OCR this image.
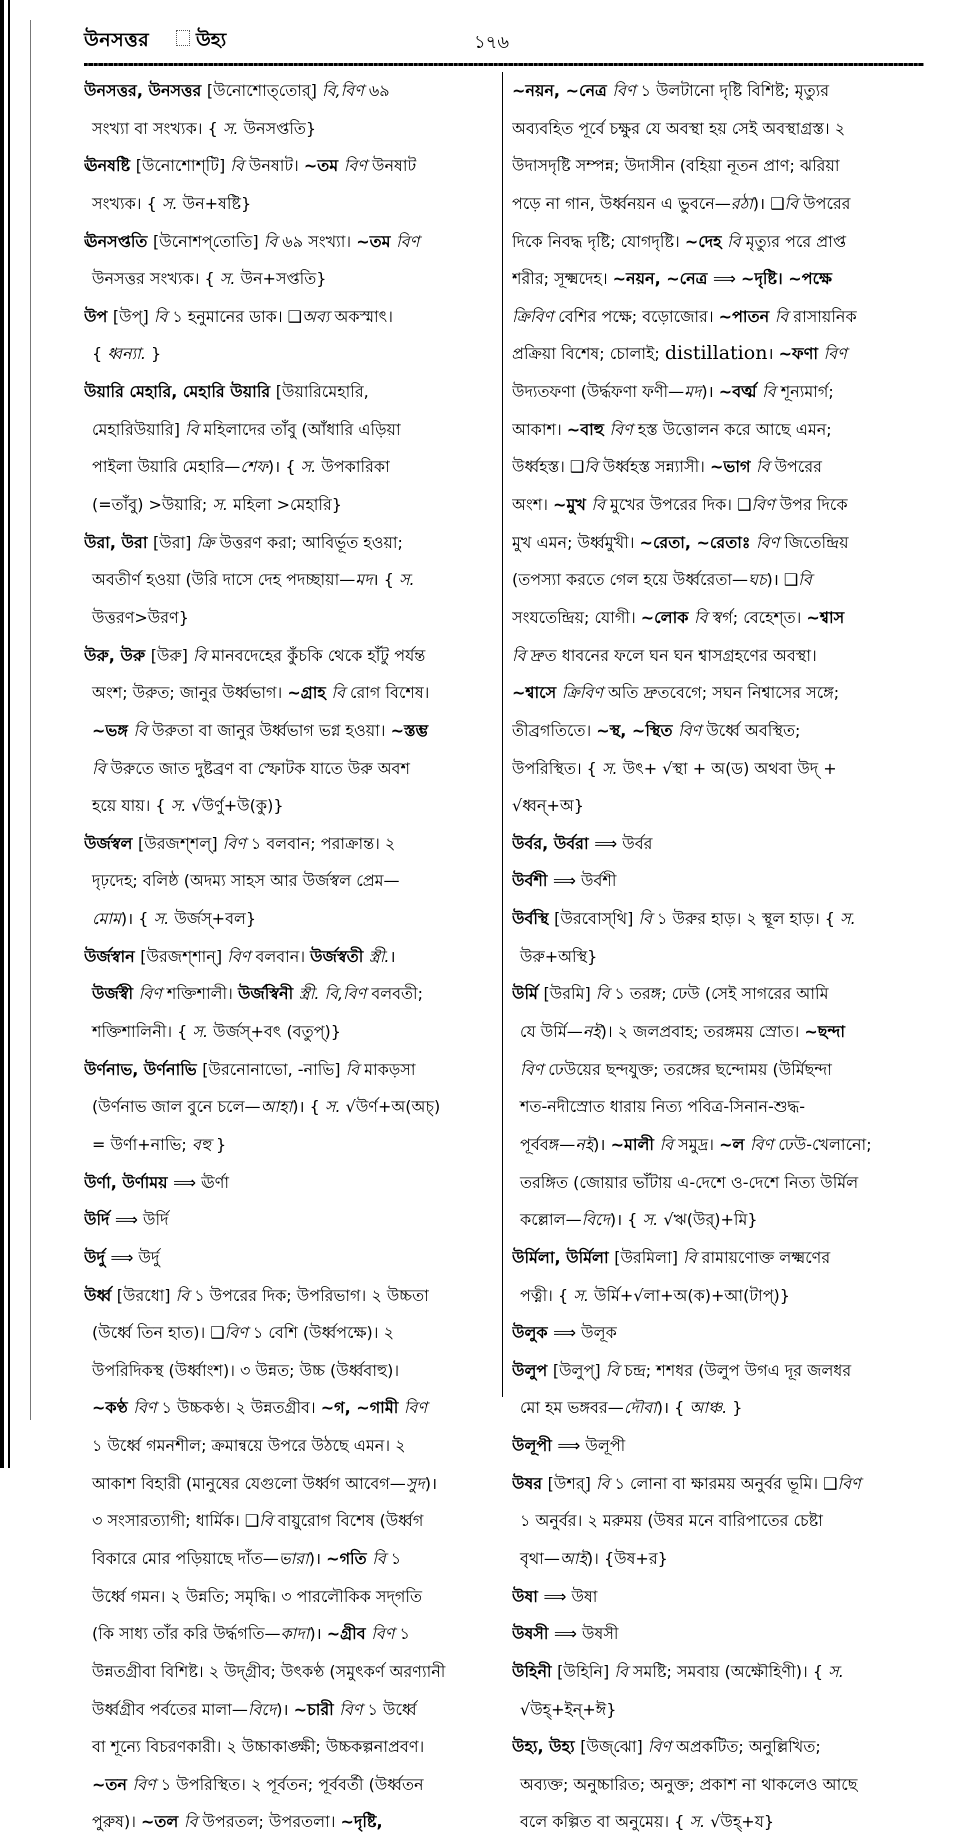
উনসত্তর উহ্য	১৭৬
উনসত্তর, উনসত্তর [উনোশোত্‌তোর্‌] বি,বিণ ৬৯
সংখ্যা বা সংখ্যক। { স. উনসপ্ততি}
ঊনষষ্টি [উনোশোশ্‌টি] বি উনষাট। ~তম বিণ উনষাট
সংখ্যক। { স. উন+ষষ্টি}
ঊনসপ্ততি [উনোশপ্‌তোতি] বি ৬৯ সংখ্যা। ~তম বিণ
উনসত্তর সংখ্যক। { স. উন+সপ্ততি}
উপ [উপ্‌] বি ১ হনুমানের ডাক। ❑অব্য অকস্মাৎ।
{ ধ্বন্যা. }
উয়ারি মেহারি, মেহারি উয়ারি [উয়ারিমেহারি,
মেহারিউয়ারি] বি মহিলাদের তাঁবু (আঁধারি এড়িয়া
পাইলা উয়ারি মেহারি—শেফ)। { স. উপকারিকা
(=তাঁবু) >উয়ারি; স. মহিলা >মেহারি}
উরা, উরা [উরা] ক্রি উত্তরণ করা; আবির্ভূত হওয়া;
অবতীর্ণ হওয়া (উরি দাসে দেহ পদচ্ছায়া—মদ। { স.
উত্তরণ>উরণ}
উরু, উরু [উরু] বি মানবদেহের কুঁচকি থেকে হাঁটু পর্যন্ত
অংশ; উরুত; জানুর উর্ধ্বভাগ। ~গ্রাহ বি রোগ বিশেষ।
~ভঙ্গ বি উরুতা বা জানুর উর্ধ্বভাগ ভগ্ন হওয়া। ~স্তম্ভ
বি উরুতে জাত দুষ্টব্রণ বা স্ফোটক যাতে উরু অবশ
হয়ে যায়। { স. √উর্ণু+উ(কু)}
উর্জস্বল [উরজশ্‌শল্‌] বিণ ১ বলবান; পরাক্রান্ত। ২
দৃঢ়দেহ; বলিষ্ঠ (অদম্য সাহস আর উর্জস্বল প্রেম—
মোম)। { স. উর্জস্‌+বল}
উর্জস্বান [উরজশ্‌শান্‌] বিণ বলবান। উর্জস্বতী স্ত্রী.।
উর্জস্বী বিণ শক্তিশালী। উর্জস্বিনী স্ত্রী. বি,বিণ বলবতী;
শক্তিশালিনী। { স. উর্জস্‌+বৎ (বতুপ্‌)}
উর্ণনাভ, উর্ণনাভি [উরনোনাভো, -নাভি] বি মাকড়সা
(উর্ণনাভ জাল বুনে চলে—আহা)। { স. √উর্ণ+অ(অচ্‌)
= উর্ণা+নাভি; বহু }
উর্ণা, উর্ণাময় ⟹ ঊর্ণা
উর্দি ⟹ উর্দি
উর্দু ⟹ উর্দু
উর্ধ্ব [উরধো] বি ১ উপরের দিক; উপরিভাগ। ২ উচ্চতা
(উর্ধ্বে তিন হাত)। ❑বিণ ১ বেশি (উর্ধ্বপক্ষে)। ২
উপরিদিকস্থ (উর্ধ্বাংশ)। ৩ উন্নত; উচ্চ (উর্ধ্ববাহু)।
~কণ্ঠ বিণ ১ উচ্চকণ্ঠ। ২ উন্নতগ্রীব। ~গ, ~গামী বিণ
১ উর্ধ্বে গমনশীল; ক্রমান্বয়ে উপরে উঠছে এমন। ২
আকাশ বিহারী (মানুষের যেগুলো উর্ধ্বগ আবেগ—সুদ)।
৩ সংসারত্যাগী; ধার্মিক। ❑বি বায়ুরোগ বিশেষ (উর্ধ্বগ
বিকারে মোর পড়িয়াছে দাঁত—ভারা)। ~গতি বি ১
উর্ধ্বে গমন। ২ উন্নতি; সমৃদ্ধি। ৩ পারলৌকিক সদ্‌গতি
(কি সাধ্য তাঁর করি উর্দ্ধগতি—কাদা)। ~গ্রীব বিণ ১
উন্নতগ্রীবা বিশিষ্ট। ২ উদ্‌গ্রীব; উৎকণ্ঠ (সমুৎকর্ণ অরণ্যানী
উর্ধ্বগ্রীব পর্বতের মালা—বিদে)। ~চারী বিণ ১ উর্ধ্বে
বা শূন্যে বিচরণকারী। ২ উচ্চাকাঙ্ক্ষী; উচ্চকল্পনাপ্রবণ।
~তন বিণ ১ উপরিস্থিত। ২ পূর্বতন; পূর্ববর্তী (উর্ধ্বতন
পুরুষ)। ~তল বি উপরতল; উপরতলা। ~দৃষ্টি,
~নয়ন, ~নেত্র বিণ ১ উলটানো দৃষ্টি বিশিষ্ট; মৃত্যুর
অব্যবহিত পূর্বে চক্ষুর যে অবস্থা হয় সেই অবস্থাগ্রস্ত। ২
উদাসদৃষ্টি সম্পন্ন; উদাসীন (বহিয়া নূতন প্রাণ; ঝরিয়া
পড়ে না গান, উর্ধ্বনয়ন এ ভুবনে—রঠা)। ❑বি উপরের
দিকে নিবদ্ধ দৃষ্টি; যোগদৃষ্টি। ~দেহ বি মৃত্যুর পরে প্রাপ্ত
শরীর; সূক্ষ্মদেহ। ~নয়ন, ~নেত্র ⟹ ~দৃষ্টি। ~পক্ষে
ক্রিবিণ বেশির পক্ষে; বড়োজোর। ~পাতন বি রাসায়নিক
প্রক্রিয়া বিশেষ; চোলাই; distillation। ~ফণা বিণ
উদ্যতফণা (উর্দ্ধফণা ফণী—মদ)। ~বর্ত্ম বি শূন্যমার্গ;
আকাশ। ~বাহু বিণ হস্ত উত্তোলন করে আছে এমন;
উর্ধ্বহস্ত। ❑বি উর্ধ্বহস্ত সন্ন্যাসী। ~ভাগ বি উপরের
অংশ। ~মুখ বি মুখের উপরের দিক। ❑বিণ উপর দিকে
মুখ এমন; উর্ধ্বমুখী। ~রেতা, ~রেতাঃ বিণ জিতেন্দ্রিয়
(তপস্যা করতে গেল হয়ে উর্ধ্বরেতা—ঘচ)। ❑বি
সংযতেন্দ্রিয়; যোগী। ~লোক বি স্বর্গ; বেহেশ্‌ত। ~শ্বাস
বি দ্রুত ধাবনের ফলে ঘন ঘন শ্বাসগ্রহণের অবস্থা।
~শ্বাসে ক্রিবিণ অতি দ্রুতবেগে; সঘন নিশ্বাসের সঙ্গে;
তীব্রগতিতে। ~স্থ, ~স্থিত বিণ উর্ধ্বে অবস্থিত;
উপরিস্থিত। { স. উৎ+ √স্থা + অ(ড) অথবা উদ্‌ +
√ধ্বন্‌+অ}
উর্বর, উর্বরা ⟹ উর্বর
উর্বশী ⟹ উর্বশী
উর্বস্থি [উরবোস্‌থি] বি ১ উরুর হাড়। ২ স্থূল হাড়। { স.
উরু+অস্থি}
উর্মি [উরমি] বি ১ তরঙ্গ; ঢেউ (সেই সাগরের আমি
যে উর্মি—নই)। ২ জলপ্রবাহ; তরঙ্গময় স্রোত। ~ছন্দা
বিণ ঢেউয়ের ছন্দযুক্ত; তরঙ্গের ছন্দোময় (উর্মিছন্দা
শত-নদীস্রোত ধারায় নিত্য পবিত্র-সিনান-শুদ্ধ-
পূর্ববঙ্গ—নই)। ~মালী বি সমুদ্র। ~ল বিণ ঢেউ-খেলানো;
তরঙ্গিত (জোয়ার ভাঁটায় এ-দেশে ও-দেশে নিত্য উর্মিল
কল্লোল—বিদে)। { স. √ঋ(উর্‌)+মি}
উর্মিলা, উর্মিলা [উরমিলা] বি রামায়ণোক্ত লক্ষ্মণের
পত্নী। { স. উর্মি+√লা+অ(ক)+আ(টাপ্‌)}
উলুক ⟹ উলূক
উলুপ [উলুপ্‌] বি চন্দ্র; শশধর (উলুপ উগএ দূর জলধর
মো হম ভঙ্গবর—দৌবা)। { আঞ্চ. }
উলূপী ⟹ উলূপী
উষর [উশর্‌] বি ১ লোনা বা ক্ষারময় অনুর্বর ভূমি। ❑বিণ
১ অনুর্বর। ২ মরুময় (উষর মনে বারিপাতের চেষ্টা
বৃথা—আই)। {উষ+র}
উষা ⟹ উষা
উষসী ⟹ উষসী
উহিনী [উহিনি] বি সমষ্টি; সমবায় (অক্ষৌহিণী)। { স.
√উহ্‌+ইন্‌+ঈ}
উহ্য, উহ্য [উজ্‌ঝো] বিণ অপ্রকটিত; অনুল্লিখিত;
অব্যক্ত; অনুচ্চারিত; অনুক্ত; প্রকাশ না থাকলেও আছে
বলে কল্পিত বা অনুমেয়। { স. √উহ্‌+য}
